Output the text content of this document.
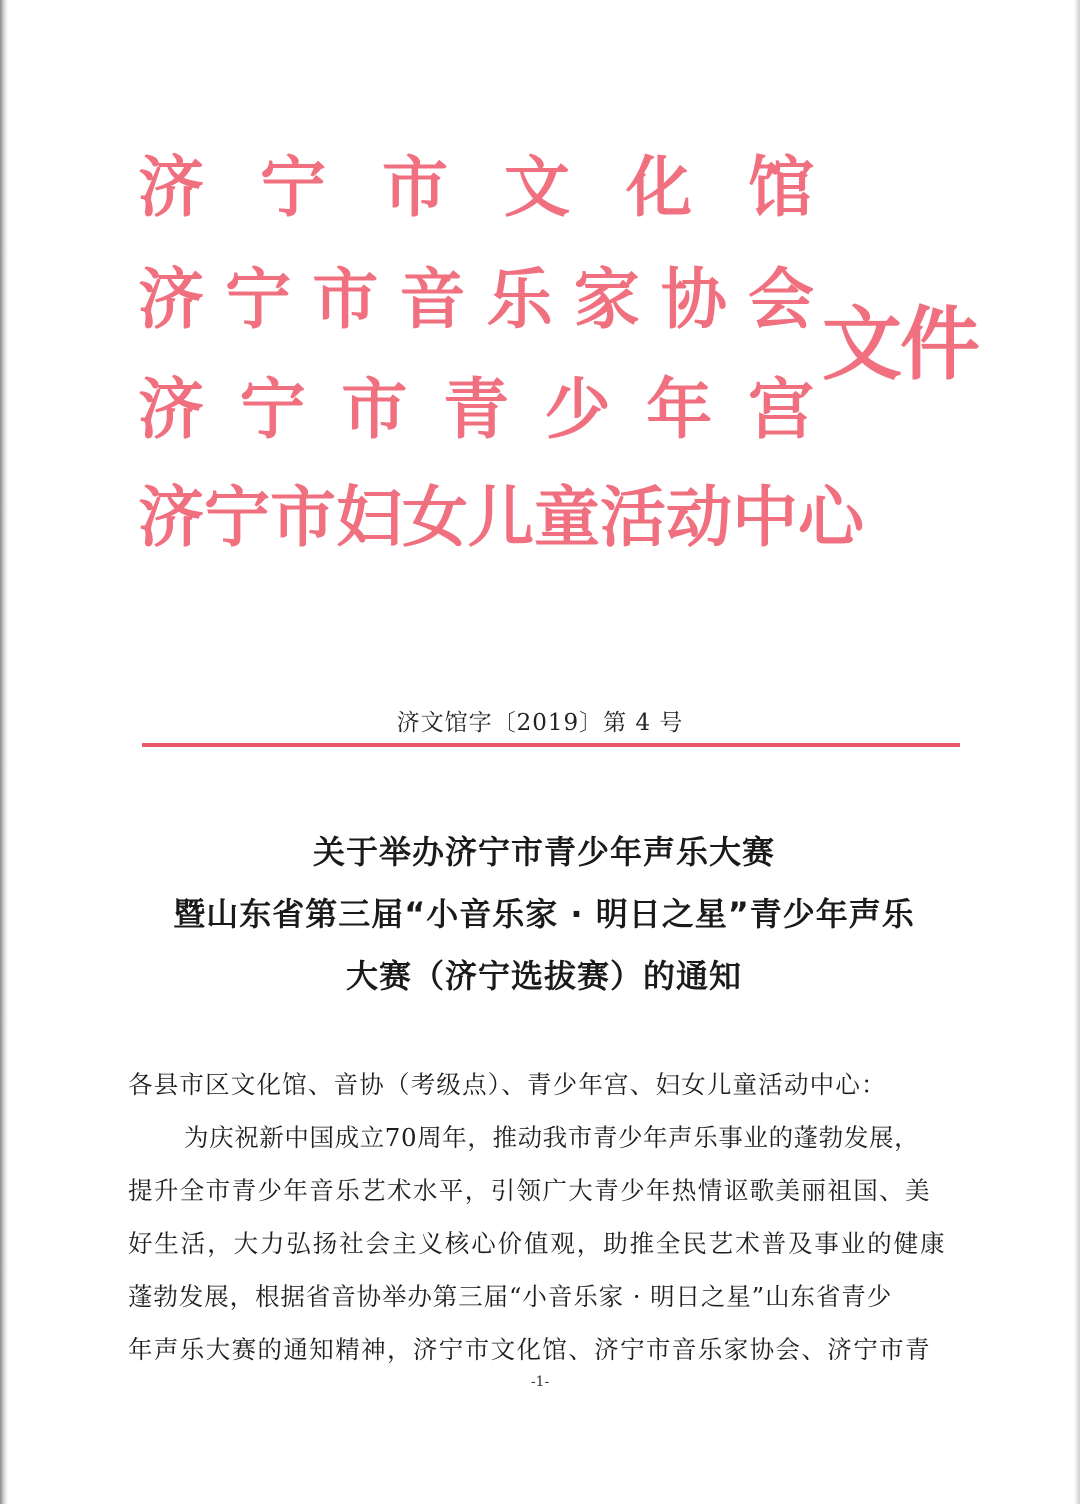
济 宁 市 文 化 馆
济 宁 市 音 乐 家 协 会
济 宁 市 青 少 年 宫
济 宁 市 妇 女 儿 童 活 动 中 心
文件
济文馆字〔2019〕第 4 号
关于举办济宁市青少年声乐大赛
暨山东省第三届“小音乐家 · 明日之星”青少年声乐
大赛（济宁选拔赛）的通知
各县市区文化馆、音协（考级点）、青少年宫、妇女儿童活动中心：
为庆祝新中国成立70周年，推动我市青少年声乐事业的蓬勃发展，
提升全市青少年音乐艺术水平，引领广大青少年热情讴歌美丽祖国、美
好生活，大力弘扬社会主义核心价值观，助推全民艺术普及事业的健康
蓬勃发展，根据省音协举办第三届“小音乐家 · 明日之星”山东省青少
年声乐大赛的通知精神，济宁市文化馆、济宁市音乐家协会、济宁市青
-1-
